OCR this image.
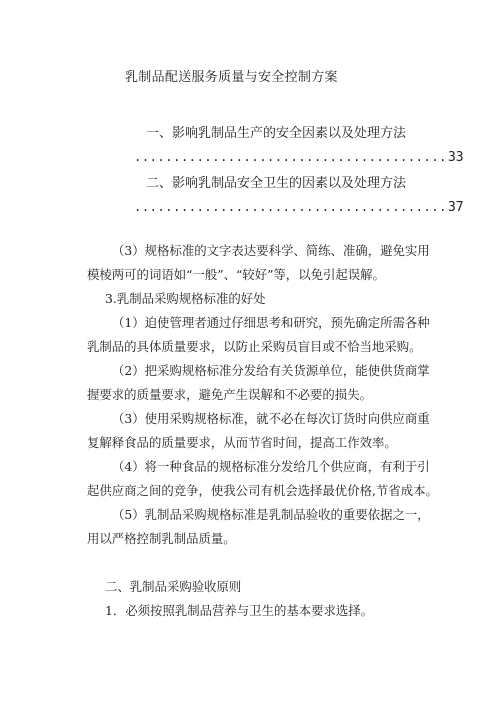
乳制品配送服务质量与安全控制方案
一、影响乳制品生产的安全因素以及处理方法
........................................ 33
二、影响乳制品安全卫生的因素以及处理方法
........................................ 37
（3）规格标准的文字表达要科学、简练、准确，避免实用
模棱两可的词语如“一般”、“较好”等，以免引起误解。
3.乳制品采购规格标准的好处
（1）迫使管理者通过仔细思考和研究，预先确定所需各种
乳制品的具体质量要求，以防止采购员盲目或不恰当地采购。
（2）把采购规格标准分发给有关货源单位，能使供货商掌
握要求的质量要求，避免产生误解和不必要的损失。
（3）使用采购规格标准，就不必在每次订货时向供应商重
复解释食品的质量要求，从而节省时间，提高工作效率。
（4）将一种食品的规格标准分发给几个供应商，有利于引
起供应商之间的竞争，使我公司有机会选择最优价格,节省成本。
（5）乳制品采购规格标准是乳制品验收的重要依据之一，
用以严格控制乳制品质量。
二、乳制品采购验收原则
1．必须按照乳制品营养与卫生的基本要求选择。
